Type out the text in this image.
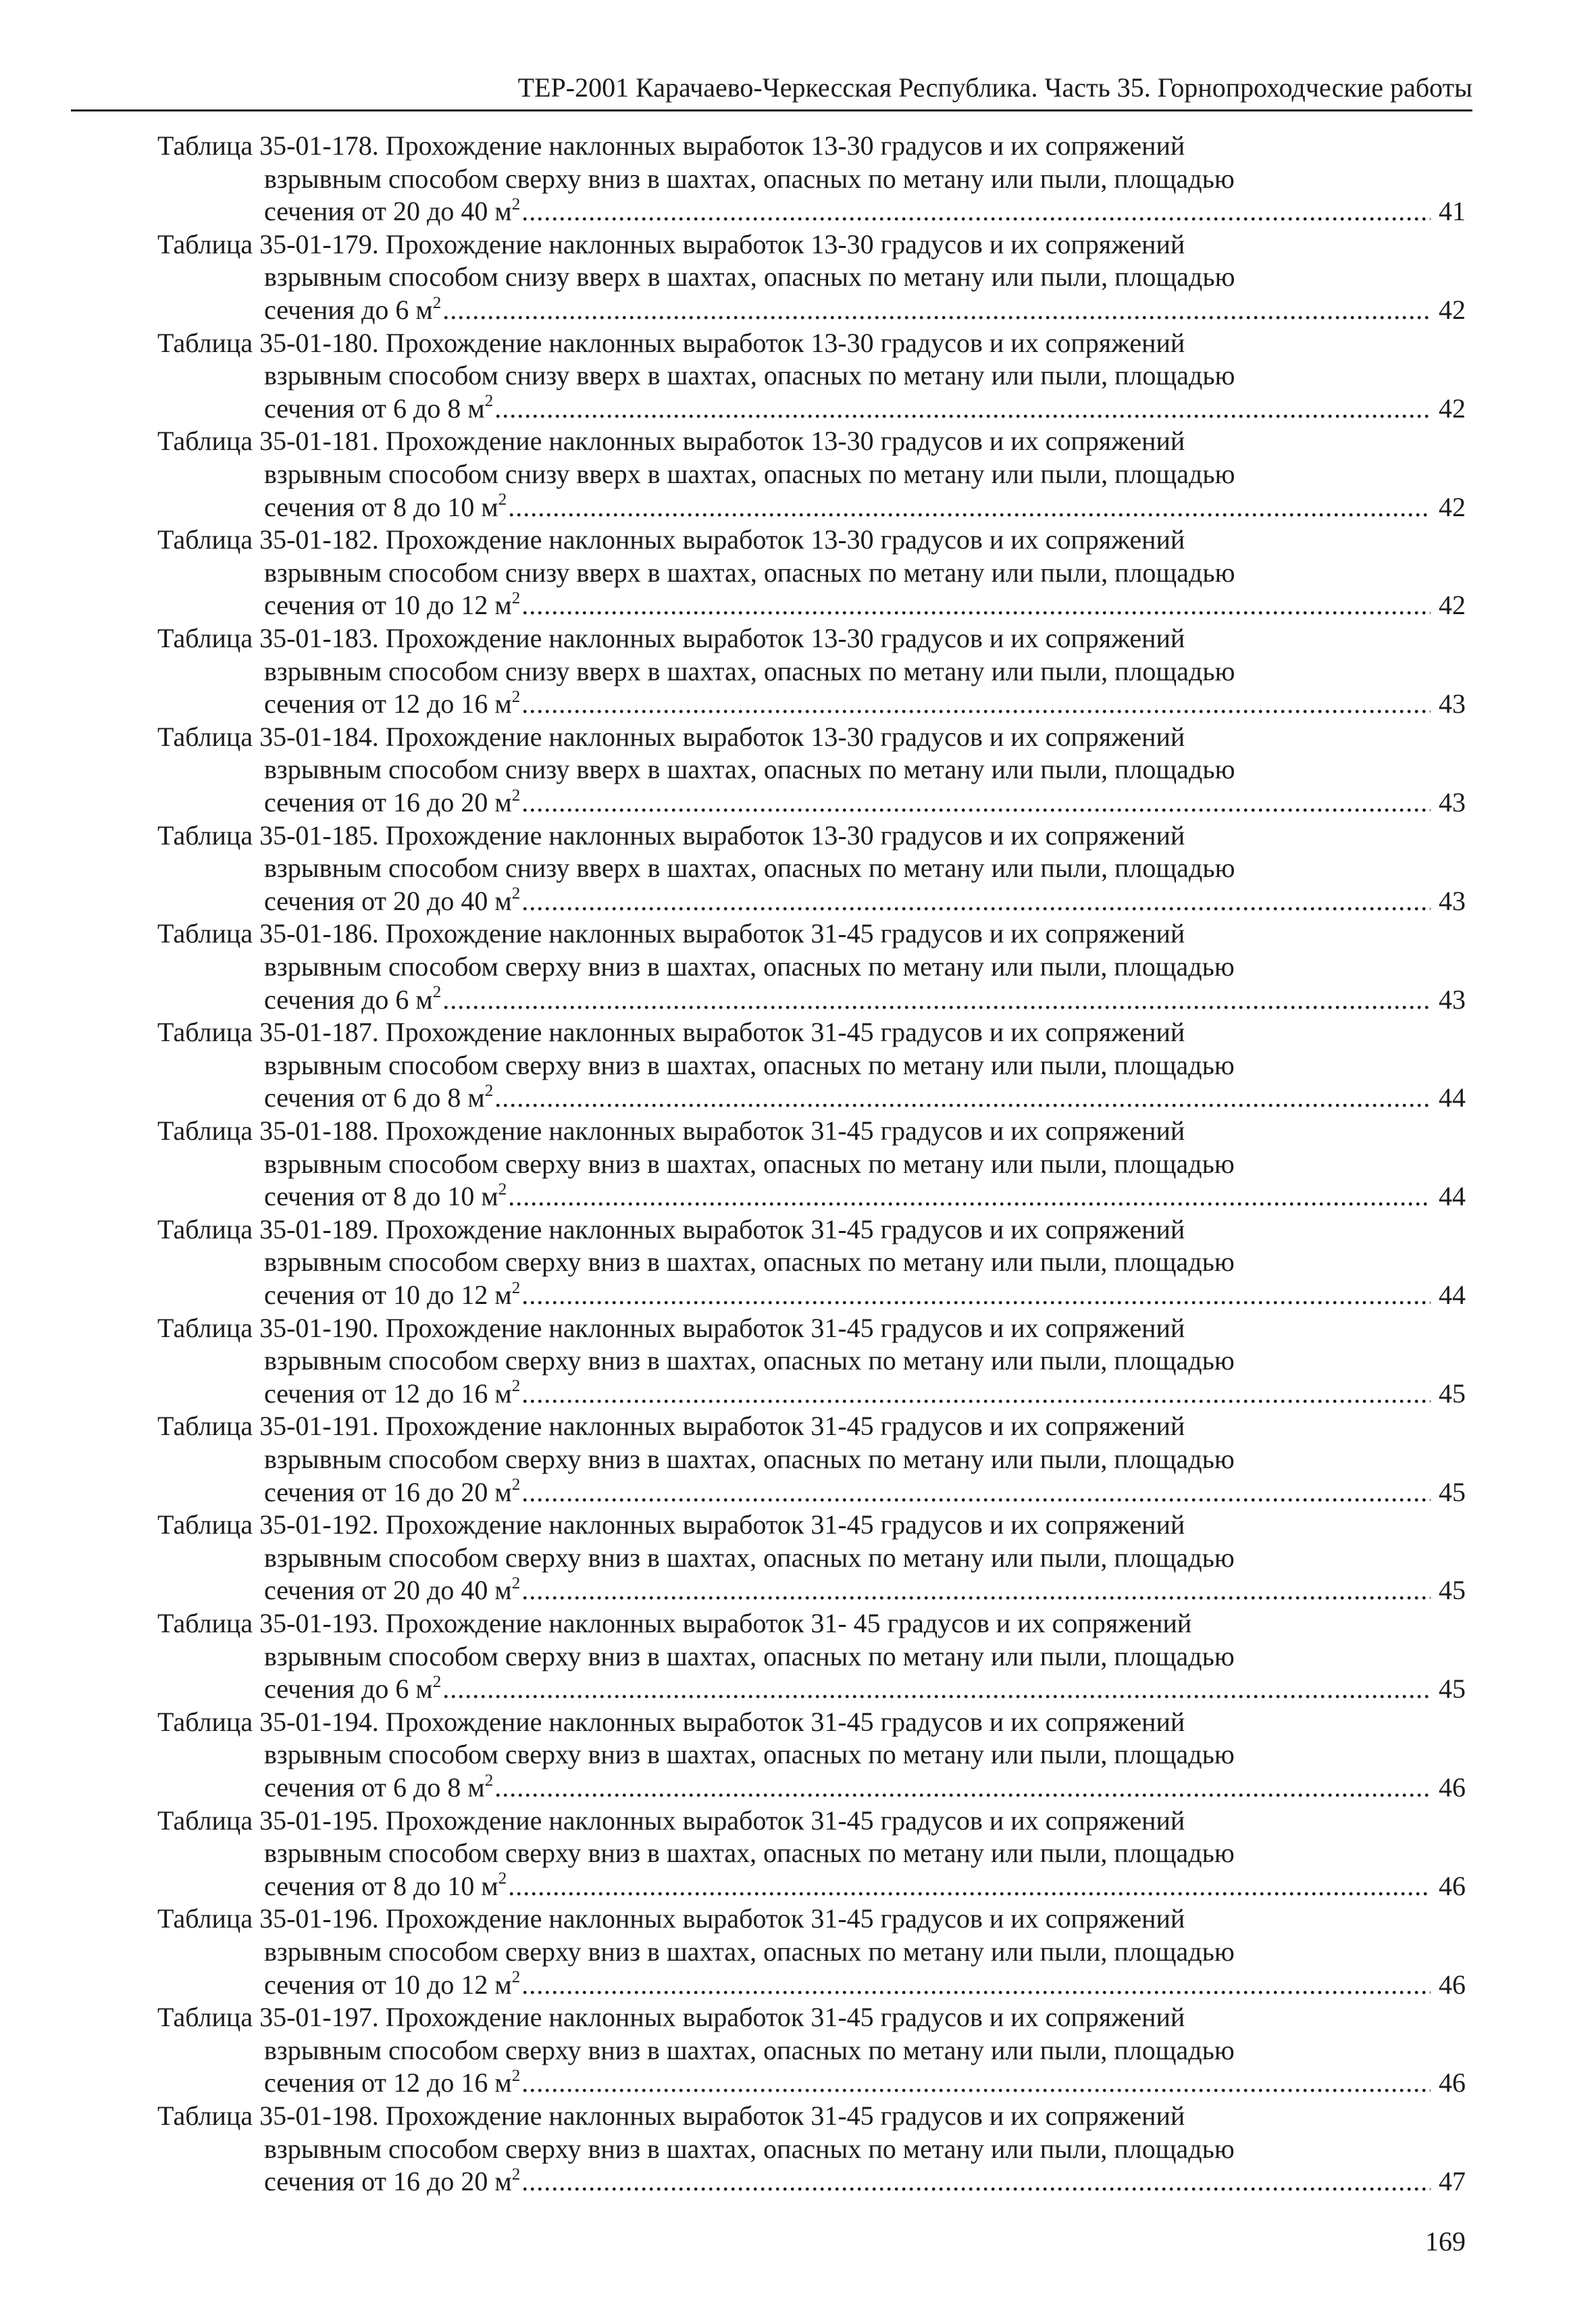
ТЕР-2001 Карачаево-Черкесская Республика. Часть 35. Горнопроходческие работы
Таблица 35-01-178. Прохождение наклонных выработок 13-30 градусов и их сопряжений
взрывным способом сверху вниз в шахтах, опасных по метану или пыли, площадью
сечения от 20 до 40 $м^2$ .....	41
Таблица 35-01-179. Прохождение наклонных выработок 13-30 градусов и их сопряжений
взрывным способом снизу вверх в шахтах, опасных по метану или пыли, площадью
сечения до 6 $м^2$ .....	42
Таблица 35-01-180. Прохождение наклонных выработок 13-30 градусов и их сопряжений
взрывным способом снизу вверх в шахтах, опасных по метану или пыли, площадью
сечения от 6 до 8 $м^2$ .....	42
Таблица 35-01-181. Прохождение наклонных выработок 13-30 градусов и их сопряжений
взрывным способом снизу вверх в шахтах, опасных по метану или пыли, площадью
сечения от 8 до 10 $м^2$ .....	42
Таблица 35-01-182. Прохождение наклонных выработок 13-30 градусов и их сопряжений
взрывным способом снизу вверх в шахтах, опасных по метану или пыли, площадью
сечения от 10 до 12 $м^2$ .....	42
Таблица 35-01-183. Прохождение наклонных выработок 13-30 градусов и их сопряжений
взрывным способом снизу вверх в шахтах, опасных по метану или пыли, площадью
сечения от 12 до 16 $м^2$ .....	43
Таблица 35-01-184. Прохождение наклонных выработок 13-30 градусов и их сопряжений
взрывным способом снизу вверх в шахтах, опасных по метану или пыли, площадью
сечения от 16 до 20 $м^2$ .....	43
Таблица 35-01-185. Прохождение наклонных выработок 13-30 градусов и их сопряжений
взрывным способом снизу вверх в шахтах, опасных по метану или пыли, площадью
сечения от 20 до 40 $м^2$ .....	43
Таблица 35-01-186. Прохождение наклонных выработок 31-45 градусов и их сопряжений
взрывным способом сверху вниз в шахтах, опасных по метану или пыли, площадью
сечения до 6 $м^2$ .....	43
Таблица 35-01-187. Прохождение наклонных выработок 31-45 градусов и их сопряжений
взрывным способом сверху вниз в шахтах, опасных по метану или пыли, площадью
сечения от 6 до 8 $м^2$ .....	44
Таблица 35-01-188. Прохождение наклонных выработок 31-45 градусов и их сопряжений
взрывным способом сверху вниз в шахтах, опасных по метану или пыли, площадью
сечения от 8 до 10 $м^2$ .....	44
Таблица 35-01-189. Прохождение наклонных выработок 31-45 градусов и их сопряжений
взрывным способом сверху вниз в шахтах, опасных по метану или пыли, площадью
сечения от 10 до 12 $м^2$ .....	44
Таблица 35-01-190. Прохождение наклонных выработок 31-45 градусов и их сопряжений
взрывным способом сверху вниз в шахтах, опасных по метану или пыли, площадью
сечения от 12 до 16 $м^2$ .....	45
Таблица 35-01-191. Прохождение наклонных выработок 31-45 градусов и их сопряжений
взрывным способом сверху вниз в шахтах, опасных по метану или пыли, площадью
сечения от 16 до 20 $м^2$ .....	45
Таблица 35-01-192. Прохождение наклонных выработок 31-45 градусов и их сопряжений
взрывным способом сверху вниз в шахтах, опасных по метану или пыли, площадью
сечения от 20 до 40 $м^2$ .....	45
Таблица 35-01-193. Прохождение наклонных выработок 31- 45 градусов и их сопряжений
взрывным способом сверху вниз в шахтах, опасных по метану или пыли, площадью
сечения до 6 $м^2$ .....	45
Таблица 35-01-194. Прохождение наклонных выработок 31-45 градусов и их сопряжений
взрывным способом сверху вниз в шахтах, опасных по метану или пыли, площадью
сечения от 6 до 8 $м^2$ .....	46
Таблица 35-01-195. Прохождение наклонных выработок 31-45 градусов и их сопряжений
взрывным способом сверху вниз в шахтах, опасных по метану или пыли, площадью
сечения от 8 до 10 $м^2$ .....	46
Таблица 35-01-196. Прохождение наклонных выработок 31-45 градусов и их сопряжений
взрывным способом сверху вниз в шахтах, опасных по метану или пыли, площадью
сечения от 10 до 12 $м^2$ .....	46
Таблица 35-01-197. Прохождение наклонных выработок 31-45 градусов и их сопряжений
взрывным способом сверху вниз в шахтах, опасных по метану или пыли, площадью
сечения от 12 до 16 $м^2$ .....	46
Таблица 35-01-198. Прохождение наклонных выработок 31-45 градусов и их сопряжений
взрывным способом сверху вниз в шахтах, опасных по метану или пыли, площадью
сечения от 16 до 20 $м^2$ .....	47
169
